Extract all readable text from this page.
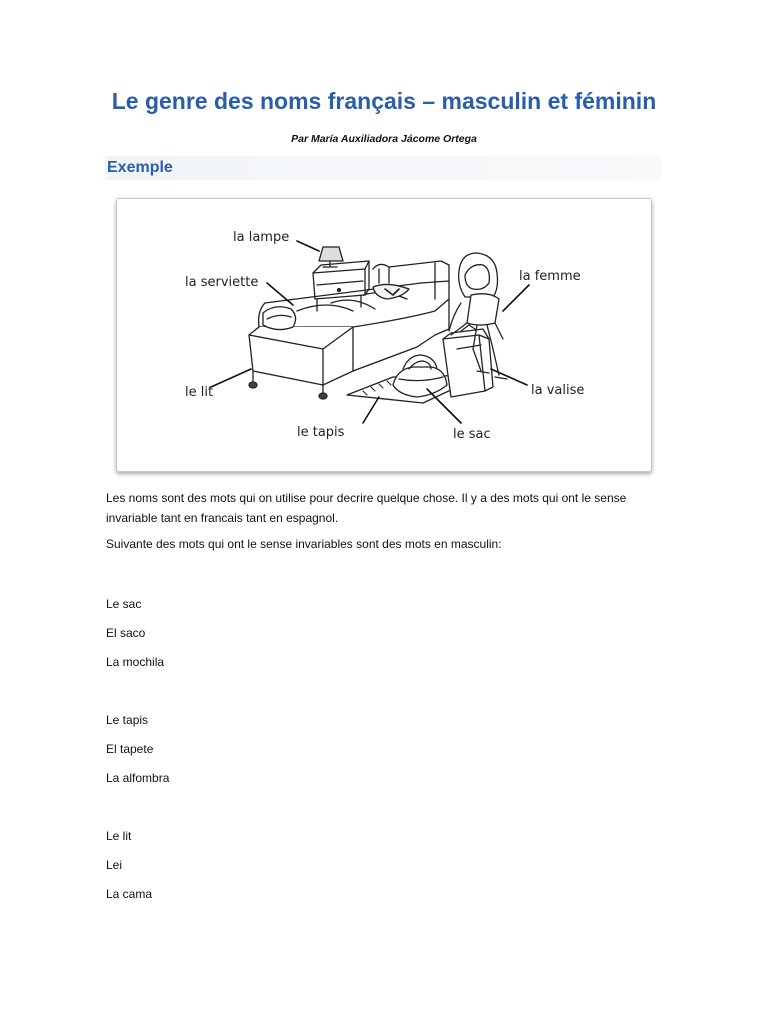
Le genre des noms français – masculin et féminin
Par María Auxiliadora Jácome Ortega
Exemple
la lampe
la serviette	la femme
le lit	la valise
le tapis	le sac
Les noms sont des mots qui on utilise pour decrire quelque chose. Il y a des mots qui ont le sense invariable tant en francais tant en espagnol.
Suivante des mots qui ont le sense invariables sont des mots en masculin:
Le sac
El saco
La mochila
Le tapis
El tapete
La alfombra
Le lit
Lei
La cama
